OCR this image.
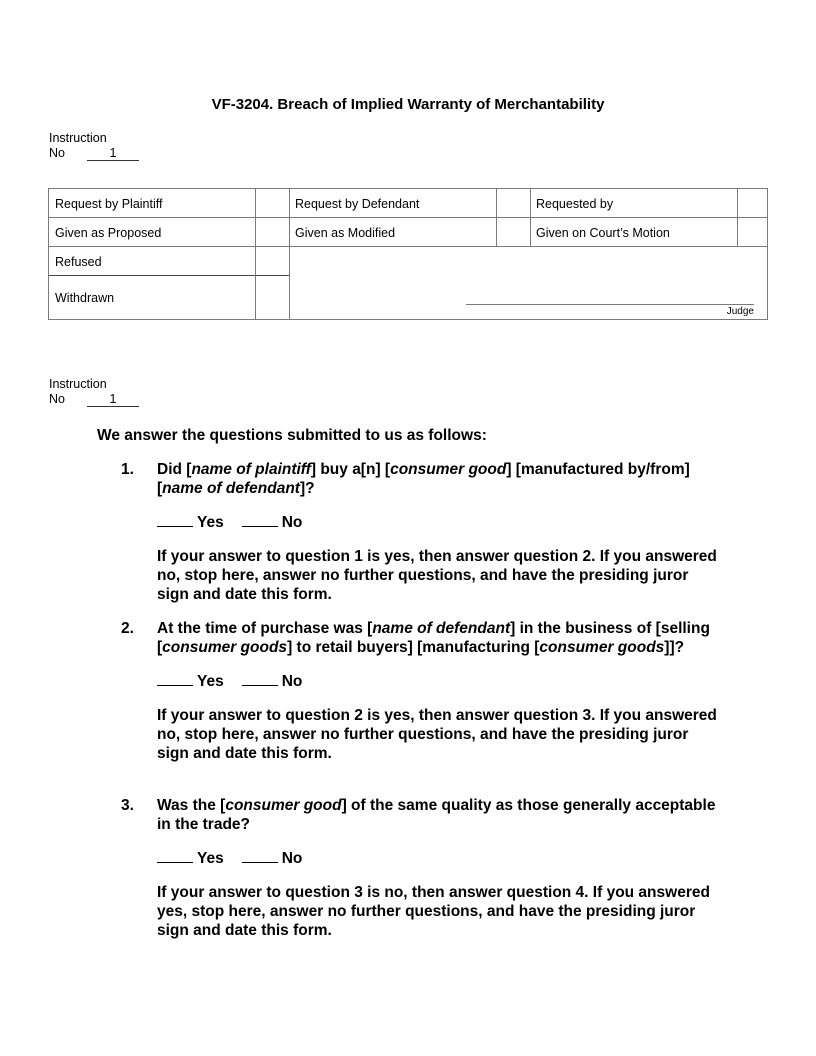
VF-3204. Breach of Implied Warranty of Merchantability
Instruction
No	1
Request by Plaintiff	Request by Defendant	Requested by
Given as Proposed	Given as Modified	Given on Court’s Motion
Refused
Withdrawn
Judge
Instruction
No	1
We answer the questions submitted to us as follows:
1. Did [name of plaintiff] buy a[n] [consumer good] [manufactured by/from] [name of defendant]?
Yes	No
If your answer to question 1 is yes, then answer question 2. If you answered no, stop here, answer no further questions, and have the presiding juror sign and date this form.
2. At the time of purchase was [name of defendant] in the business of [selling [consumer goods] to retail buyers] [manufacturing [consumer goods]]?
Yes	No
If your answer to question 2 is yes, then answer question 3. If you answered no, stop here, answer no further questions, and have the presiding juror sign and date this form.
3. Was the [consumer good] of the same quality as those generally acceptable in the trade?
Yes	No
If your answer to question 3 is no, then answer question 4. If you answered yes, stop here, answer no further questions, and have the presiding juror sign and date this form.
